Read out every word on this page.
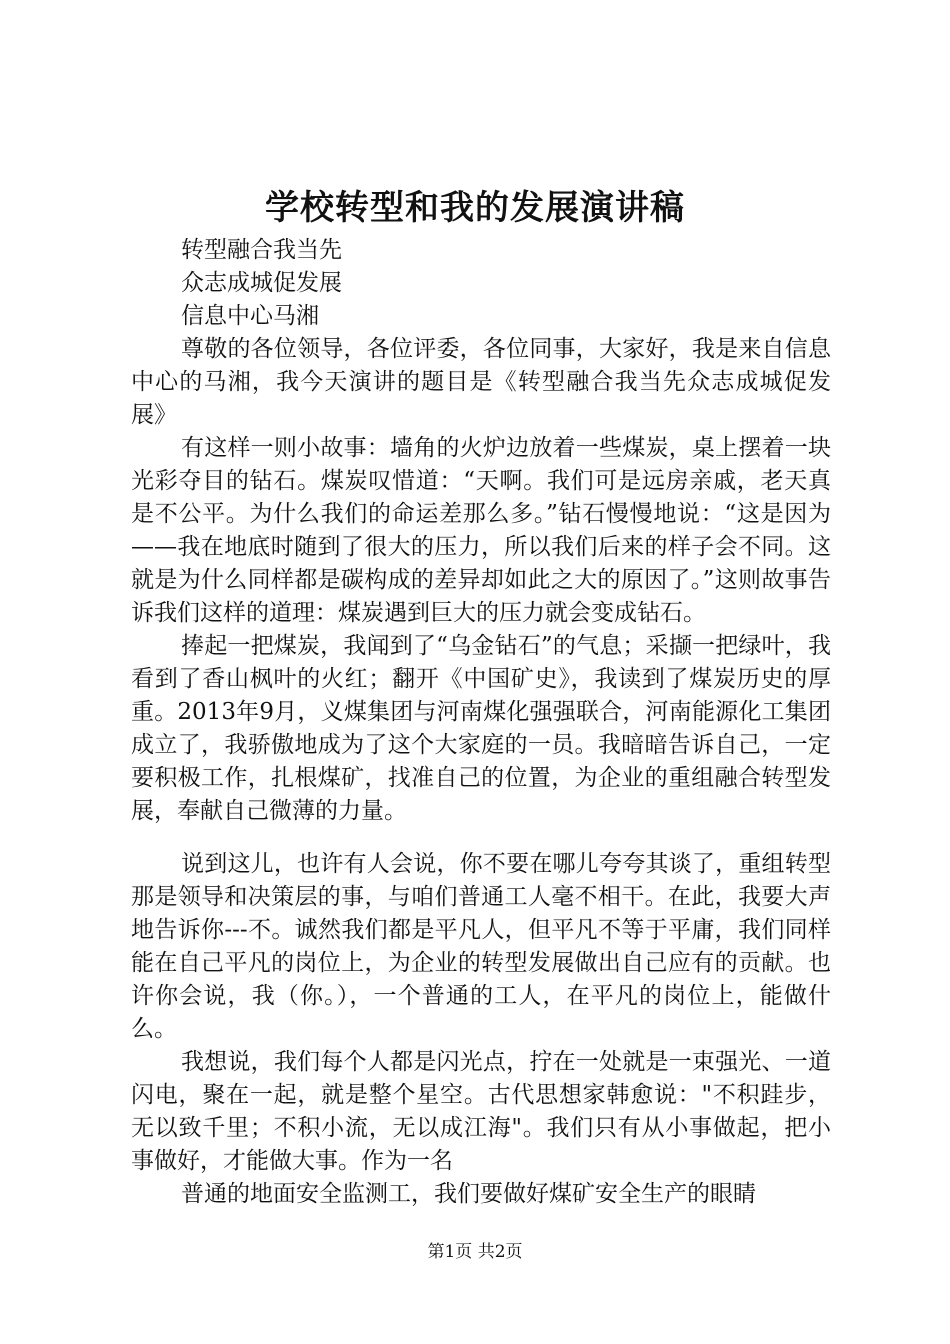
学校转型和我的发展演讲稿

转型融合我当先

众志成城促发展

信息中心马湘

尊敬的各位领导，各位评委，各位同事，大家好，我是来自信息中心的马湘，我今天演讲的题目是《转型融合我当先众志成城促发展》

有这样一则小故事：墙角的火炉边放着一些煤炭，桌上摆着一块光彩夺目的钻石。煤炭叹惜道：“天啊。我们可是远房亲戚，老天真是不公平。为什么我们的命运差那么多。”钻石慢慢地说：“这是因为——我在地底时随到了很大的压力，所以我们后来的样子会不同。这就是为什么同样都是碳构成的差异却如此之大的原因了。”这则故事告诉我们这样的道理：煤炭遇到巨大的压力就会变成钻石。

捧起一把煤炭，我闻到了“乌金钻石”的气息；采撷一把绿叶，我看到了香山枫叶的火红；翻开《中国矿史》，我读到了煤炭历史的厚重。2013年9月，义煤集团与河南煤化强强联合，河南能源化工集团成立了，我骄傲地成为了这个大家庭的一员。我暗暗告诉自己，一定要积极工作，扎根煤矿，找准自己的位置，为企业的重组融合转型发展，奉献自己微薄的力量。

说到这儿，也许有人会说，你不要在哪儿夸夸其谈了，重组转型那是领导和决策层的事，与咱们普通工人毫不相干。在此，我要大声地告诉你---不。诚然我们都是平凡人，但平凡不等于平庸，我们同样能在自己平凡的岗位上，为企业的转型发展做出自己应有的贡献。也许你会说，我（你。），一个普通的工人，在平凡的岗位上，能做什么。

我想说，我们每个人都是闪光点，拧在一处就是一束强光、一道闪电，聚在一起，就是整个星空。古代思想家韩愈说："不积跬步，无以致千里；不积小流，无以成江海"。我们只有从小事做起，把小事做好，才能做大事。作为一名

普通的地面安全监测工，我们要做好煤矿安全生产的眼睛

第1页 共2页
